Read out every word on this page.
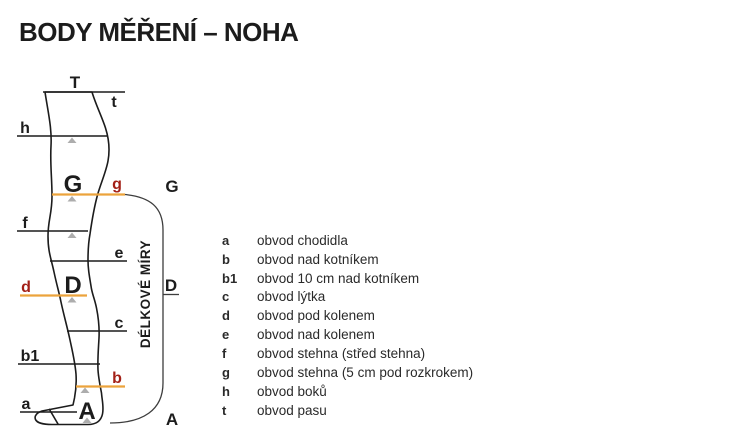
BODY MĚŘENÍ – NOHA
T
t
h
G g
f
e
D
d
c
b1
b
a A
G
D
A
DÉLKOVÉ MÍRY	a	obvod chodidla
b	obvod nad kotníkem
b1	obvod 10 cm nad kotníkem
c	obvod lýtka
d	obvod pod kolenem
e	obvod nad kolenem
f	obvod stehna (střed stehna)
g	obvod stehna (5 cm pod rozkrokem)
h	obvod boků
t	obvod pasu
